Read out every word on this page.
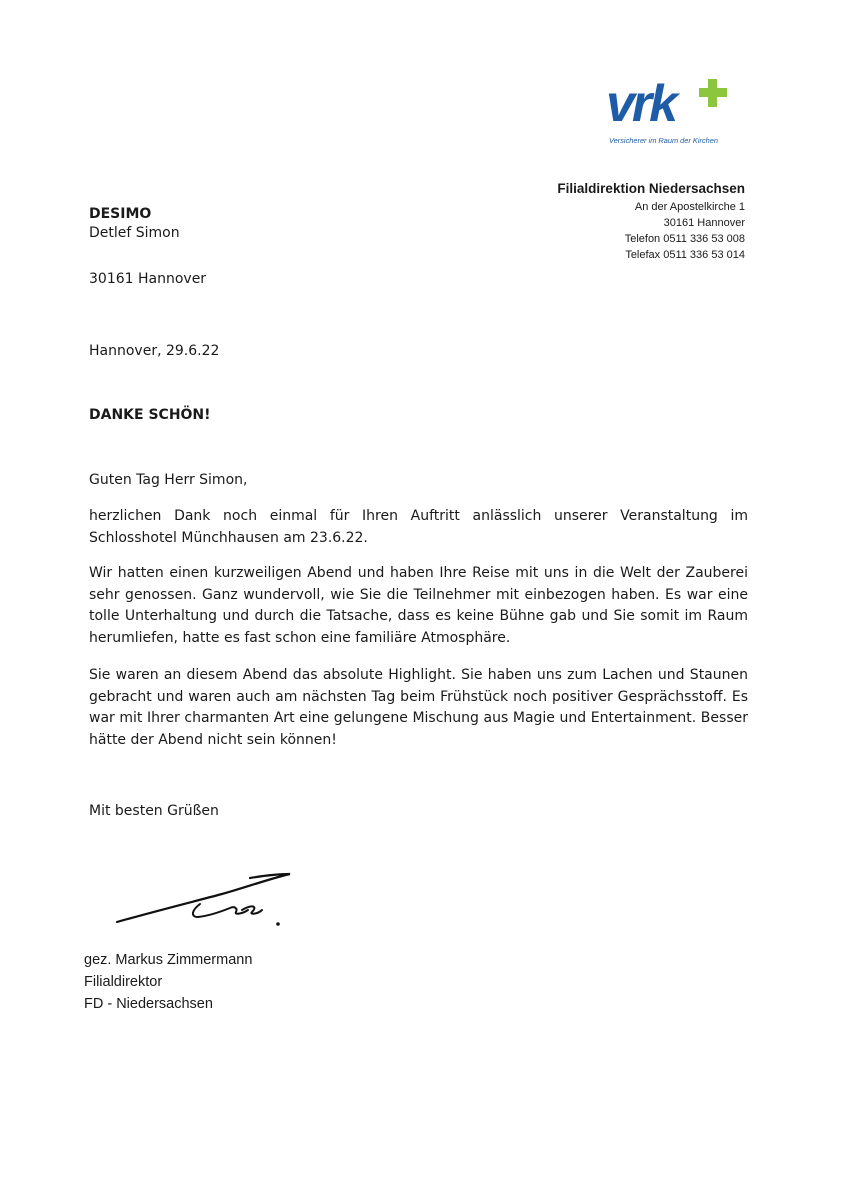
vrk
Versicherer im Raum der Kirchen
Filialdirektion Niedersachsen
An der Apostelkirche 1
30161 Hannover
Telefon 0511 336 53 008
Telefax 0511 336 53 014
DESIMO
Detlef Simon
30161 Hannover
Hannover, 29.6.22
DANKE SCHÖN!

Guten Tag Herr Simon,

herzlichen Dank noch einmal für Ihren Auftritt anlässlich unserer Veranstaltung im Schlosshotel Münchhausen am 23.6.22.

Wir hatten einen kurzweiligen Abend und haben Ihre Reise mit uns in die Welt der Zauberei sehr genossen. Ganz wundervoll, wie Sie die Teilnehmer mit einbezogen haben. Es war eine tolle Unterhaltung und durch die Tatsache, dass es keine Bühne gab und Sie somit im Raum herumliefen, hatte es fast schon eine familiäre Atmosphäre.

Sie waren an diesem Abend das absolute Highlight. Sie haben uns zum Lachen und Staunen gebracht und waren auch am nächsten Tag beim Frühstück noch positiver Gesprächsstoff. Es war mit Ihrer charmanten Art eine gelungene Mischung aus Magie und Entertainment. Besser hätte der Abend nicht sein können!

Mit besten Grüßen
gez. Markus Zimmermann
Filialdirektor
FD - Niedersachsen
